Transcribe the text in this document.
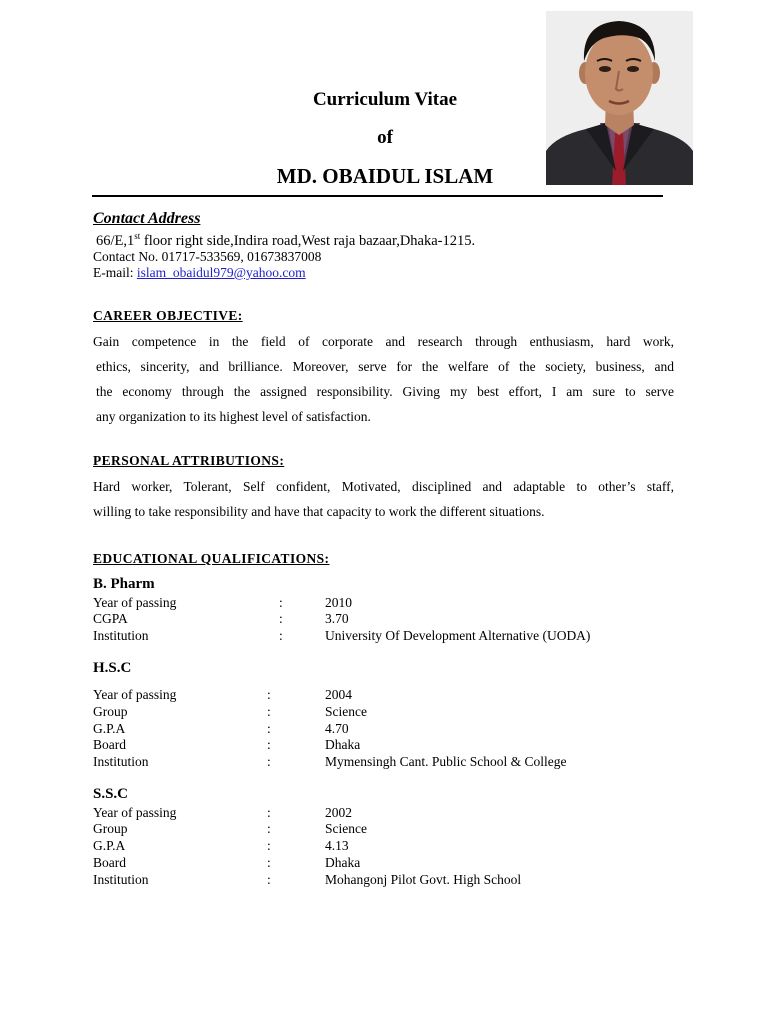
Curriculum Vitae
of
MD. OBAIDUL ISLAM
Contact Address
66/E,1st floor right side,Indira road,West raja bazaar,Dhaka-1215.
Contact No. 01717-533569, 01673837008
E-mail: islam_obaidul979@yahoo.com
CAREER OBJECTIVE:
Gain competence in the field of corporate and research through enthusiasm, hard work,
ethics, sincerity, and brilliance. Moreover, serve for the welfare of the society, business, and
the economy through the assigned responsibility. Giving my best effort, I am sure to serve
any organization to its highest level of satisfaction.
PERSONAL ATTRIBUTIONS:
Hard worker, Tolerant, Self confident, Motivated, disciplined and adaptable to other’s staff,
willing to take responsibility and have that capacity to work the different situations.
EDUCATIONAL QUALIFICATIONS:
B. Pharm
Year of passing	:	2010
CGPA	:	3.70
Institution	:	University Of Development Alternative (UODA)
H.S.C
Year of passing	:	2004
Group	:	Science
G.P.A	:	4.70
Board	:	Dhaka
Institution	:	Mymensingh Cant. Public School & College
S.S.C
Year of passing	:	2002
Group	:	Science
G.P.A	:	4.13
Board	:	Dhaka
Institution	:	Mohangonj Pilot Govt. High School
